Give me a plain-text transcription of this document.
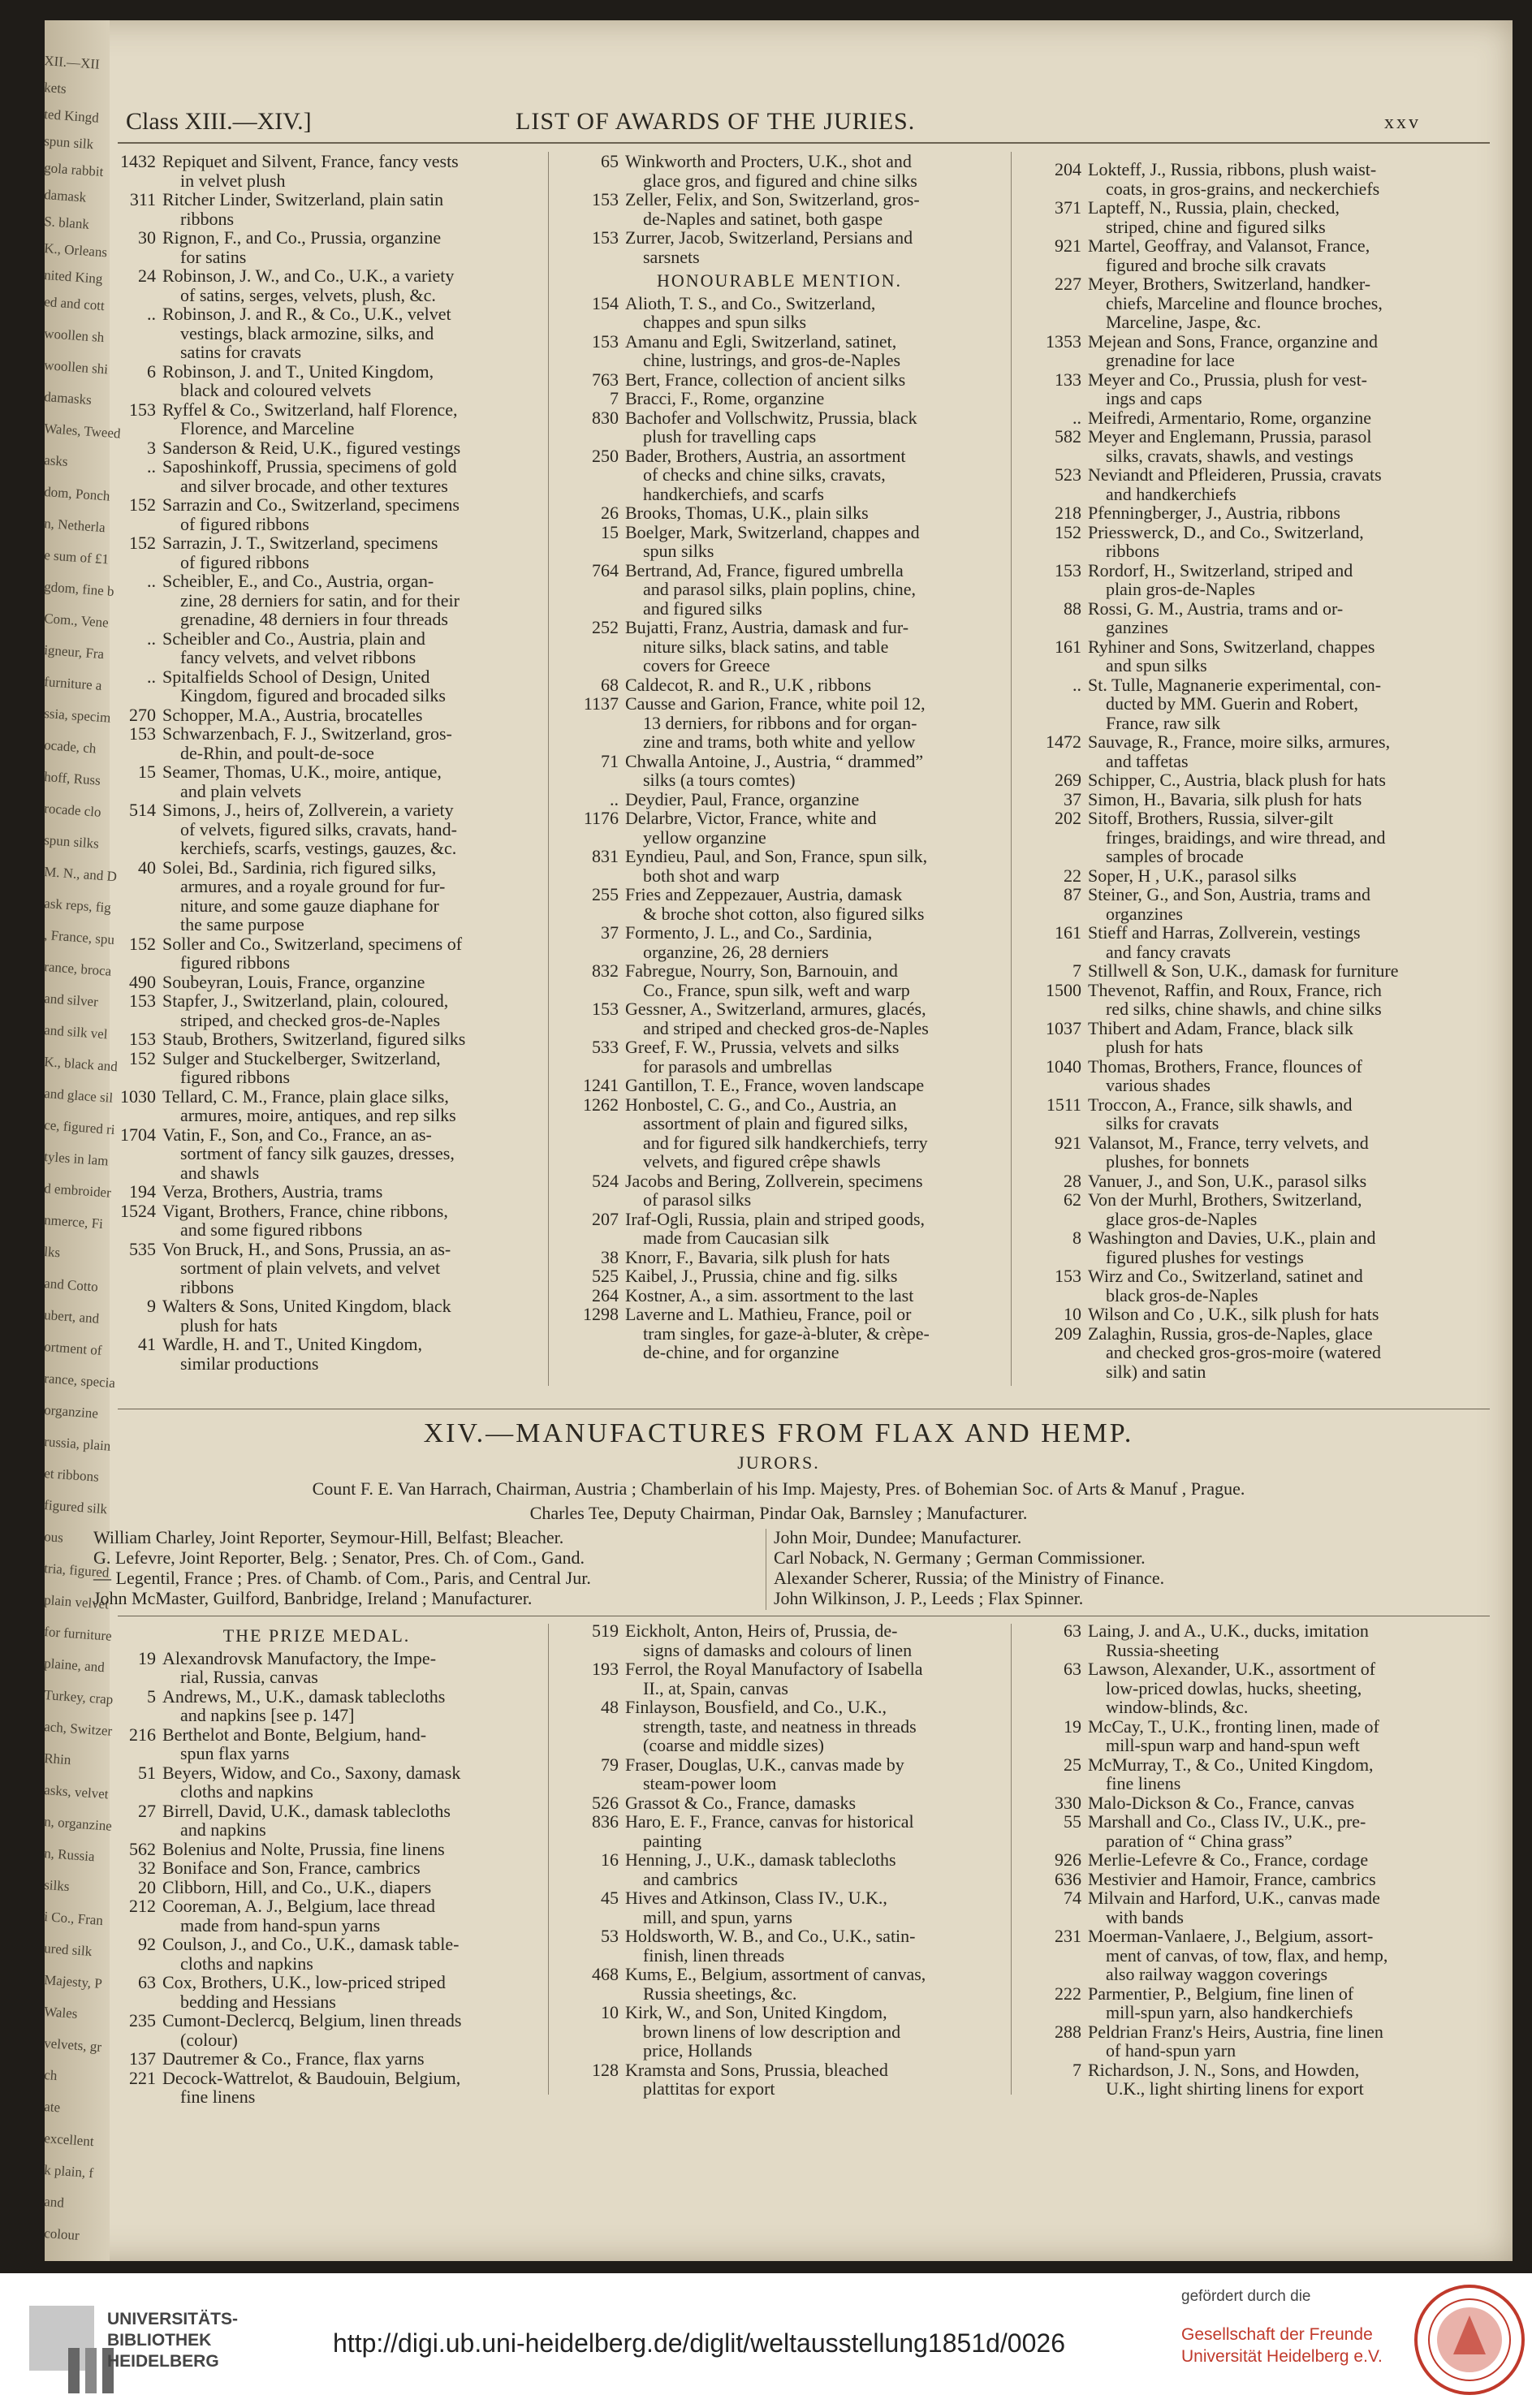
XII.—XII
kets
ted Kingd
spun silk
gola rabbit
damask
S. blank
K., Orleans
nited King
ed and cott
woollen sh
woollen shi
damasks
Wales, Tweed
asks
dom, Ponch
n, Netherla
e sum of £1
gdom, fine b
Com., Vene
igneur, Fra
furniture a
ssia, specim
ocade, ch
hoff, Russ
rocade clo
spun silks
M. N., and D
ask reps, fig
, France, spu
rance, broca
and silver
and silk vel
K., black and
and glace sil
ce, figured ri
tyles in lam
d embroider
nmerce, Fi
lks
and Cotto
ubert, and
ortment of
rance, specia
organzine
russia, plain
et ribbons
figured silk
ous
tria, figured
plain velvet
for furniture
plaine, and
Turkey, crap
ach, Switzer
Rhin
asks, velvet
n, organzine
n, Russia
silks
i Co., Fran
ured silk
Majesty, P
Wales
velvets, gr
ch
ate
excellent
k plain, f
and
colour
Class XIII.—XIV.]	LIST OF AWARDS OF THE JURIES.	xxv
1432 Repiquet and Silvent, France, fancy vests
in velvet plush
311 Ritcher Linder, Switzerland, plain satin
ribbons
30 Rignon, F., and Co., Prussia, organzine
for satins
24 Robinson, J. W., and Co., U.K., a variety
of satins, serges, velvets, plush, &c.
.. Robinson, J. and R., & Co., U.K., velvet
vestings, black armozine, silks, and
satins for cravats
6 Robinson, J. and T., United Kingdom,
black and coloured velvets
153 Ryffel & Co., Switzerland, half Florence,
Florence, and Marceline
3 Sanderson & Reid, U.K., figured vestings
.. Saposhinkoff, Prussia, specimens of gold
and silver brocade, and other textures
152 Sarrazin and Co., Switzerland, specimens
of figured ribbons
152 Sarrazin, J. T., Switzerland, specimens
of figured ribbons
.. Scheibler, E., and Co., Austria, organ-
zine, 28 derniers for satin, and for their
grenadine, 48 derniers in four threads
.. Scheibler and Co., Austria, plain and
fancy velvets, and velvet ribbons
.. Spitalfields School of Design, United
Kingdom, figured and brocaded silks
270 Schopper, M.A., Austria, brocatelles
153 Schwarzenbach, F. J., Switzerland, gros-
de-Rhin, and poult-de-soce
15 Seamer, Thomas, U.K., moire, antique,
and plain velvets
514 Simons, J., heirs of, Zollverein, a variety
of velvets, figured silks, cravats, hand-
kerchiefs, scarfs, vestings, gauzes, &c.
40 Solei, Bd., Sardinia, rich figured silks,
armures, and a royale ground for fur-
niture, and some gauze diaphane for
the same purpose
152 Soller and Co., Switzerland, specimens of
figured ribbons
490 Soubeyran, Louis, France, organzine
153 Stapfer, J., Switzerland, plain, coloured,
striped, and checked gros-de-Naples
153 Staub, Brothers, Switzerland, figured silks
152 Sulger and Stuckelberger, Switzerland,
figured ribbons
1030 Tellard, C. M., France, plain glace silks,
armures, moire, antiques, and rep silks
1704 Vatin, F., Son, and Co., France, an as-
sortment of fancy silk gauzes, dresses,
and shawls
194 Verza, Brothers, Austria, trams
1524 Vigant, Brothers, France, chine ribbons,
and some figured ribbons
535 Von Bruck, H., and Sons, Prussia, an as-
sortment of plain velvets, and velvet
ribbons
9 Walters & Sons, United Kingdom, black
plush for hats
41 Wardle, H. and T., United Kingdom,
similar productions
65 Winkworth and Procters, U.K., shot and
glace gros, and figured and chine silks
153 Zeller, Felix, and Son, Switzerland, gros-
de-Naples and satinet, both gaspe
153 Zurrer, Jacob, Switzerland, Persians and
sarsnets
HONOURABLE MENTION.
154 Alioth, T. S., and Co., Switzerland,
chappes and spun silks
153 Amanu and Egli, Switzerland, satinet,
chine, lustrings, and gros-de-Naples
763 Bert, France, collection of ancient silks
7 Bracci, F., Rome, organzine
830 Bachofer and Vollschwitz, Prussia, black
plush for travelling caps
250 Bader, Brothers, Austria, an assortment
of checks and chine silks, cravats,
handkerchiefs, and scarfs
26 Brooks, Thomas, U.K., plain silks
15 Boelger, Mark, Switzerland, chappes and
spun silks
764 Bertrand, Ad, France, figured umbrella
and parasol silks, plain poplins, chine,
and figured silks
252 Bujatti, Franz, Austria, damask and fur-
niture silks, black satins, and table
covers for Greece
68 Caldecot, R. and R., U.K , ribbons
1137 Causse and Garion, France, white poil 12,
13 derniers, for ribbons and for organ-
zine and trams, both white and yellow
71 Chwalla Antoine, J., Austria, “ drammed”
silks (a tours comtes)
.. Deydier, Paul, France, organzine
1176 Delarbre, Victor, France, white and
yellow organzine
831 Eyndieu, Paul, and Son, France, spun silk,
both shot and warp
255 Fries and Zeppezauer, Austria, damask
& broche shot cotton, also figured silks
37 Formento, J. L., and Co., Sardinia,
organzine, 26, 28 derniers
832 Fabregue, Nourry, Son, Barnouin, and
Co., France, spun silk, weft and warp
153 Gessner, A., Switzerland, armures, glacés,
and striped and checked gros-de-Naples
533 Greef, F. W., Prussia, velvets and silks
for parasols and umbrellas
1241 Gantillon, T. E., France, woven landscape
1262 Honbostel, C. G., and Co., Austria, an
assortment of plain and figured silks,
and for figured silk handkerchiefs, terry
velvets, and figured crêpe shawls
524 Jacobs and Bering, Zollverein, specimens
of parasol silks
207 Iraf-Ogli, Russia, plain and striped goods,
made from Caucasian silk
38 Knorr, F., Bavaria, silk plush for hats
525 Kaibel, J., Prussia, chine and fig. silks
264 Kostner, A., a sim. assortment to the last
1298 Laverne and L. Mathieu, France, poil or
tram singles, for gaze-à-bluter, & crèpe-
de-chine, and for organzine
204 Lokteff, J., Russia, ribbons, plush waist-
coats, in gros-grains, and neckerchiefs
371 Lapteff, N., Russia, plain, checked,
striped, chine and figured silks
921 Martel, Geoffray, and Valansot, France,
figured and broche silk cravats
227 Meyer, Brothers, Switzerland, handker-
chiefs, Marceline and flounce broches,
Marceline, Jaspe, &c.
1353 Mejean and Sons, France, organzine and
grenadine for lace
133 Meyer and Co., Prussia, plush for vest-
ings and caps
.. Meifredi, Armentario, Rome, organzine
582 Meyer and Englemann, Prussia, parasol
silks, cravats, shawls, and vestings
523 Neviandt and Pfleideren, Prussia, cravats
and handkerchiefs
218 Pfenningberger, J., Austria, ribbons
152 Priesswerck, D., and Co., Switzerland,
ribbons
153 Rordorf, H., Switzerland, striped and
plain gros-de-Naples
88 Rossi, G. M., Austria, trams and or-
ganzines
161 Ryhiner and Sons, Switzerland, chappes
and spun silks
.. St. Tulle, Magnanerie experimental, con-
ducted by MM. Guerin and Robert,
France, raw silk
1472 Sauvage, R., France, moire silks, armures,
and taffetas
269 Schipper, C., Austria, black plush for hats
37 Simon, H., Bavaria, silk plush for hats
202 Sitoff, Brothers, Russia, silver-gilt
fringes, braidings, and wire thread, and
samples of brocade
22 Soper, H , U.K., parasol silks
87 Steiner, G., and Son, Austria, trams and
organzines
161 Stieff and Harras, Zollverein, vestings
and fancy cravats
7 Stillwell & Son, U.K., damask for furniture
1500 Thevenot, Raffin, and Roux, France, rich
red silks, chine shawls, and chine silks
1037 Thibert and Adam, France, black silk
plush for hats
1040 Thomas, Brothers, France, flounces of
various shades
1511 Troccon, A., France, silk shawls, and
silks for cravats
921 Valansot, M., France, terry velvets, and
plushes, for bonnets
28 Vanuer, J., and Son, U.K., parasol silks
62 Von der Murhl, Brothers, Switzerland,
glace gros-de-Naples
8 Washington and Davies, U.K., plain and
figured plushes for vestings
153 Wirz and Co., Switzerland, satinet and
black gros-de-Naples
10 Wilson and Co , U.K., silk plush for hats
209 Zalaghin, Russia, gros-de-Naples, glace
and checked gros-gros-moire (watered
silk) and satin
XIV.—MANUFACTURES FROM FLAX AND HEMP.
JURORS.
Count F. E. Van Harrach, Chairman, Austria ; Chamberlain of his Imp. Majesty, Pres. of Bohemian Soc. of Arts & Manuf , Prague.
Charles Tee, Deputy Chairman, Pindar Oak, Barnsley ; Manufacturer.
William Charley, Joint Reporter, Seymour-Hill, Belfast; Bleacher.
G. Lefevre, Joint Reporter, Belg. ; Senator, Pres. Ch. of Com., Gand.
— Legentil, France ; Pres. of Chamb. of Com., Paris, and Central Jur.
John McMaster, Guilford, Banbridge, Ireland ; Manufacturer.
John Moir, Dundee; Manufacturer.
Carl Noback, N. Germany ; German Commissioner.
Alexander Scherer, Russia; of the Ministry of Finance.
John Wilkinson, J. P., Leeds ; Flax Spinner.
THE PRIZE MEDAL.
19 Alexandrovsk Manufactory, the Impe-
rial, Russia, canvas
5 Andrews, M., U.K., damask tablecloths
and napkins [see p. 147]
216 Berthelot and Bonte, Belgium, hand-
spun flax yarns
51 Beyers, Widow, and Co., Saxony, damask
cloths and napkins
27 Birrell, David, U.K., damask tablecloths
and napkins
562 Bolenius and Nolte, Prussia, fine linens
32 Boniface and Son, France, cambrics
20 Clibborn, Hill, and Co., U.K., diapers
212 Cooreman, A. J., Belgium, lace thread
made from hand-spun yarns
92 Coulson, J., and Co., U.K., damask table-
cloths and napkins
63 Cox, Brothers, U.K., low-priced striped
bedding and Hessians
235 Cumont-Declercq, Belgium, linen threads
(colour)
137 Dautremer & Co., France, flax yarns
221 Decock-Wattrelot, & Baudouin, Belgium,
fine linens
519 Eickholt, Anton, Heirs of, Prussia, de-
signs of damasks and colours of linen
193 Ferrol, the Royal Manufactory of Isabella
II., at, Spain, canvas
48 Finlayson, Bousfield, and Co., U.K.,
strength, taste, and neatness in threads
(coarse and middle sizes)
79 Fraser, Douglas, U.K., canvas made by
steam-power loom
526 Grassot & Co., France, damasks
836 Haro, E. F., France, canvas for historical
painting
16 Henning, J., U.K., damask tablecloths
and cambrics
45 Hives and Atkinson, Class IV., U.K.,
mill, and spun, yarns
53 Holdsworth, W. B., and Co., U.K., satin-
finish, linen threads
468 Kums, E., Belgium, assortment of canvas,
Russia sheetings, &c.
10 Kirk, W., and Son, United Kingdom,
brown linens of low description and
price, Hollands
128 Kramsta and Sons, Prussia, bleached
plattitas for export
63 Laing, J. and A., U.K., ducks, imitation
Russia-sheeting
63 Lawson, Alexander, U.K., assortment of
low-priced dowlas, hucks, sheeting,
window-blinds, &c.
19 McCay, T., U.K., fronting linen, made of
mill-spun warp and hand-spun weft
25 McMurray, T., & Co., United Kingdom,
fine linens
330 Malo-Dickson & Co., France, canvas
55 Marshall and Co., Class IV., U.K., pre-
paration of “ China grass”
926 Merlie-Lefevre & Co., France, cordage
636 Mestivier and Hamoir, France, cambrics
74 Milvain and Harford, U.K., canvas made
with bands
231 Moerman-Vanlaere, J., Belgium, assort-
ment of canvas, of tow, flax, and hemp,
also railway waggon coverings
222 Parmentier, P., Belgium, fine linen of
mill-spun yarn, also handkerchiefs
288 Peldrian Franz's Heirs, Austria, fine linen
of hand-spun yarn
7 Richardson, J. N., Sons, and Howden,
U.K., light shirting linens for export
UNIVERSITÄTS-
BIBLIOTHEK
HEIDELBERG
http://digi.ub.uni-heidelberg.de/diglit/weltausstellung1851d/0026
gefördert durch die
Gesellschaft der Freunde
Universität Heidelberg e.V.
